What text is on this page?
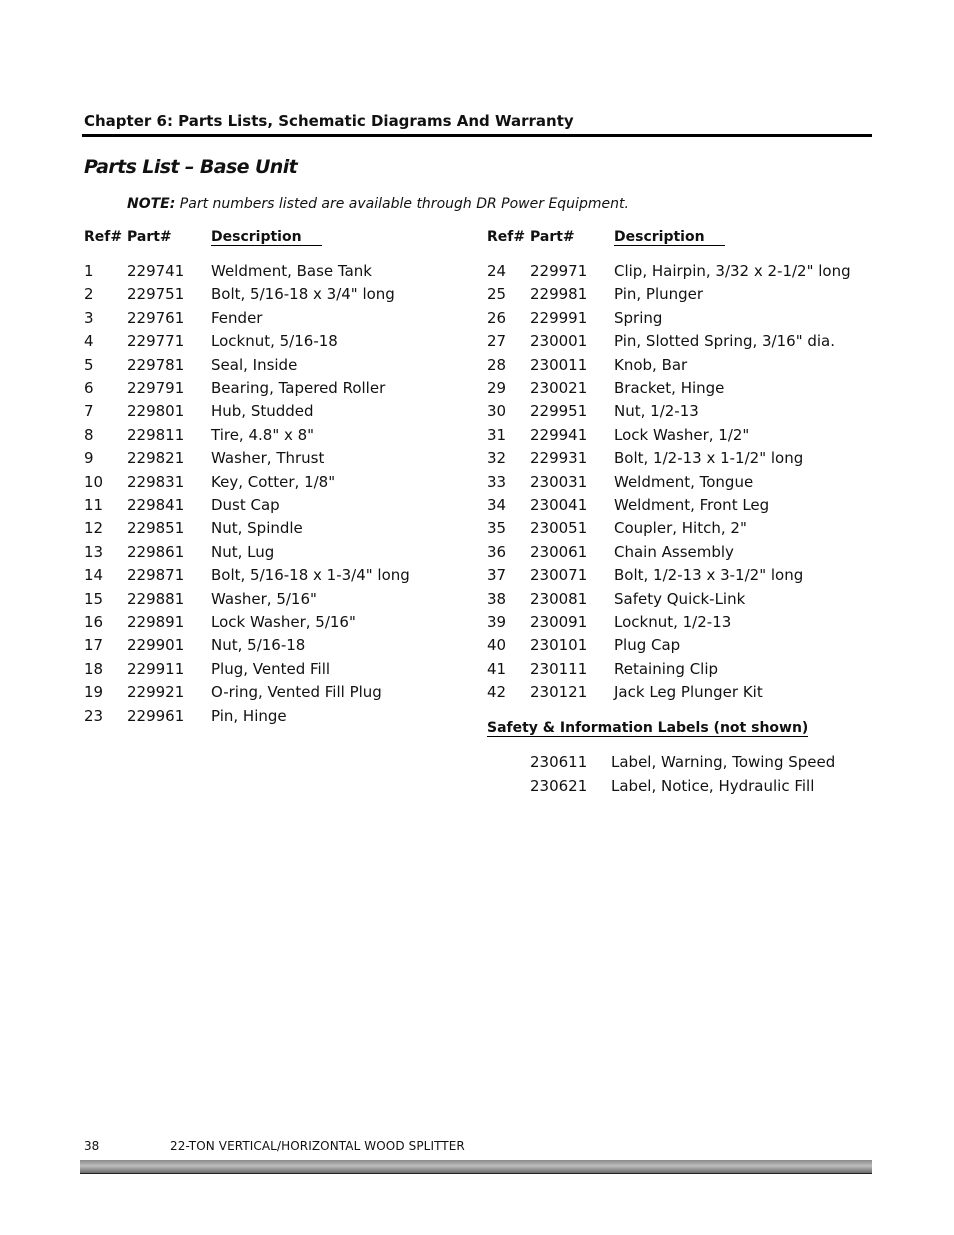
Chapter 6: Parts Lists, Schematic Diagrams And Warranty
Parts List – Base Unit
NOTE: Part numbers listed are available through DR Power Equipment.
Ref# Part#	Description	Ref# Part#	Description
1 229741 Weldment, Base Tank
2 229751 Bolt, 5/16-18 x 3/4" long
3 229761 Fender
4 229771 Locknut, 5/16-18
5 229781 Seal, Inside
6 229791 Bearing, Tapered Roller
7 229801 Hub, Studded
8 229811 Tire, 4.8" x 8"
9 229821 Washer, Thrust
10 229831 Key, Cotter, 1/8"
11 229841 Dust Cap
12 229851 Nut, Spindle
13 229861 Nut, Lug
14 229871 Bolt, 5/16-18 x 1-3/4" long
15 229881 Washer, 5/16"
16 229891 Lock Washer, 5/16"
17 229901 Nut, 5/16-18
18 229911 Plug, Vented Fill
19 229921 O-ring, Vented Fill Plug
23 229961 Pin, Hinge
24 229971 Clip, Hairpin, 3/32 x 2-1/2" long
25 229981 Pin, Plunger
26 229991 Spring
27 230001 Pin, Slotted Spring, 3/16" dia.
28 230011 Knob, Bar
29 230021 Bracket, Hinge
30 229951 Nut, 1/2-13
31 229941 Lock Washer, 1/2"
32 229931 Bolt, 1/2-13 x 1-1/2" long
33 230031 Weldment, Tongue
34 230041 Weldment, Front Leg
35 230051 Coupler, Hitch, 2"
36 230061 Chain Assembly
37 230071 Bolt, 1/2-13 x 3-1/2" long
38 230081 Safety Quick-Link
39 230091 Locknut, 1/2-13
40 230101 Plug Cap
41 230111 Retaining Clip
42 230121 Jack Leg Plunger Kit
Safety & Information Labels (not shown)
230611 Label, Warning, Towing Speed
230621 Label, Notice, Hydraulic Fill
38	22-TON VERTICAL/HORIZONTAL WOOD SPLITTER
